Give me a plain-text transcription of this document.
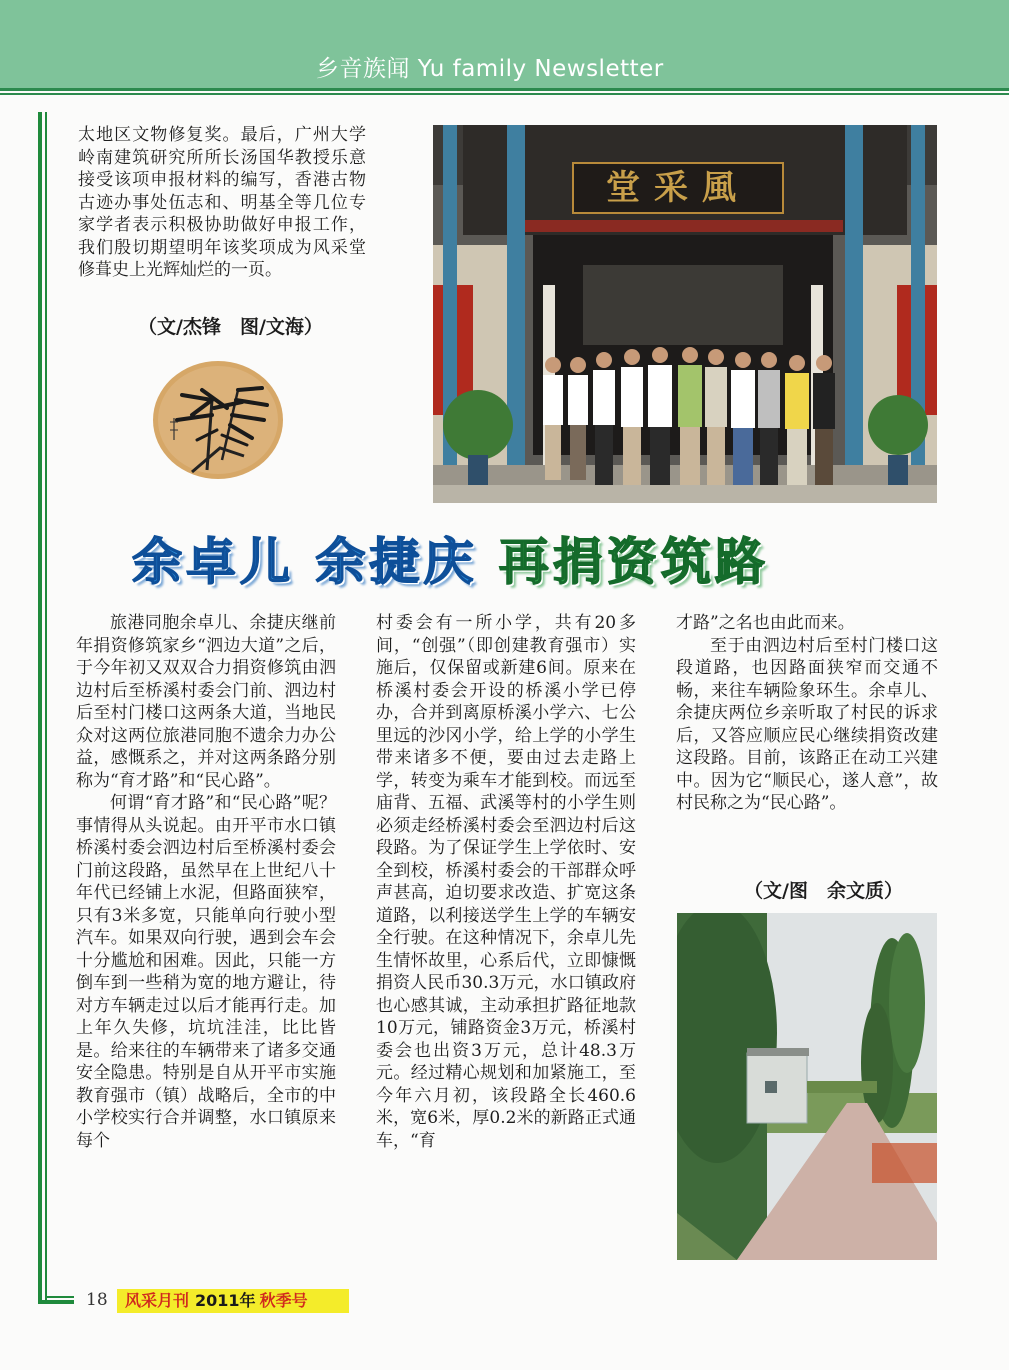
乡音族闻 Yu family Newsletter

太地区文物修复奖。最后，广州大学岭南建筑研究所所长汤国华教授乐意接受该项申报材料的编写，香港古物古迹办事处伍志和、明基全等几位专家学者表示积极协助做好申报工作，我们殷切期望明年该奖项成为风采堂修葺史上光辉灿烂的一页。

（文/杰锋　图/文海）
堂采風
余卓儿 余捷庆 再捐资筑路

旅港同胞余卓儿、余捷庆继前年捐资修筑家乡“泗边大道”之后，于今年初又双双合力捐资修筑由泗边村后至桥溪村委会门前、泗边村后至村门楼口这两条大道，当地民众对这两位旅港同胞不遗余力办公益，感慨系之，并对这两条路分别称为“育才路”和“民心路”。

何谓“育才路”和“民心路”呢？事情得从头说起。由开平市水口镇桥溪村委会泗边村后至桥溪村委会门前这段路，虽然早在上世纪八十年代已经铺上水泥，但路面狭窄，只有3米多宽，只能单向行驶小型汽车。如果双向行驶，遇到会车会十分尴尬和困难。因此，只能一方倒车到一些稍为宽的地方避让，待对方车辆走过以后才能再行走。加上年久失修，坑坑洼洼，比比皆是。给来往的车辆带来了诸多交通安全隐患。特别是自从开平市实施教育强市（镇）战略后，全市的中小学校实行合并调整，水口镇原来每个

村委会有一所小学，共有20多间，“创强”（即创建教育强市）实施后，仅保留或新建6间。原来在桥溪村委会开设的桥溪小学已停办，合并到离原桥溪小学六、七公里远的沙冈小学，给上学的小学生带来诸多不便，要由过去走路上学，转变为乘车才能到校。而远至庙背、五福、武溪等村的小学生则必须走经桥溪村委会至泗边村后这段路。为了保证学生上学依时、安全到校，桥溪村委会的干部群众呼声甚高，迫切要求改造、扩宽这条道路，以利接送学生上学的车辆安全行驶。在这种情况下，余卓儿先生情怀故里，心系后代，立即慷慨捐资人民币30.3万元，水口镇政府也心感其诚，主动承担扩路征地款10万元，铺路资金3万元，桥溪村委会也出资3万元，总计48.3万元。经过精心规划和加紧施工，至今年六月初，该段路全长460.6米，宽6米，厚0.2米的新路正式通车，“育

才路”之名也由此而来。

至于由泗边村后至村门楼口这段道路，也因路面狭窄而交通不畅，来往车辆险象环生。余卓儿、余捷庆两位乡亲听取了村民的诉求后，又答应顺应民心继续捐资改建这段路。目前，该路正在动工兴建中。因为它“顺民心，遂人意”，故村民称之为“民心路”。

（文/图　余文质）
18	风采月刊 2011年 秋季号
